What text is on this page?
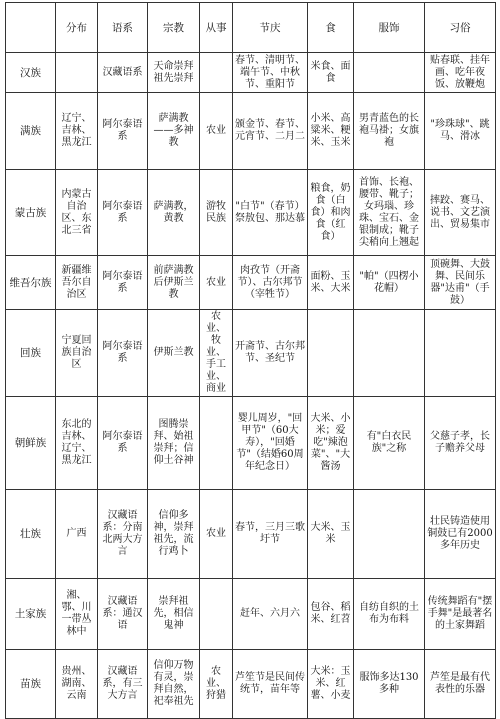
	分布	语系	宗教	从事	节庆	食	服饰	习俗
汉族		汉藏语系	天命崇拜祖先崇拜		春节、清明节、端午节、中秋节、重阳节	米食、面食		贴春联、挂年画、吃年夜饭、放鞭炮
满族	辽宁、吉林、黑龙江	阿尔泰语系	萨满教——多神教	农业	颁金节、春节、元宵节、二月二	小米、高粱米、粳米、玉米	男青蓝色的长袍马褂；女旗袍	"珍珠球"、跳马、滑冰
蒙古族	内蒙古自治区、东北三省	阿尔泰语系	萨满教，黄教	游牧民族	"白节"（春节）祭敖包、那达慕	粮食，奶食（白食）和肉食（红食）	首饰、长袍、腰带、靴子；女玛瑙、珍珠、宝石、金银制成；靴子尖稍向上翘起	摔跤、赛马、说书、文艺演出、贸易集市
维吾尔族	新疆维吾尔自治区	阿尔泰语系	前萨满教后伊斯兰教	农业	肉孜节（开斋节）、古尔邦节（宰牲节）	面粉、玉米、大米	"帕"（四楞小花帽）	顶碗舞、大鼓舞、民间乐器"达甫"（手鼓）
回族	宁夏回族自治区	阿尔泰语系	伊斯兰教	农业、牧业、手工业、商业	开斋节、古尔邦节、圣纪节			
朝鲜族	东北的吉林、辽宁、黑龙江	阿尔泰语系	图腾崇拜、始祖崇拜；信仰土谷神		婴儿周岁，"回甲节"（60大寿），"回婚节"（结婚60周年纪念日）	大米、小米；爱吃"辣泡菜"、"大酱汤	有"白衣民族"之称	父慈子孝，长子赡养父母
壮族	广西	汉藏语系：分南北两大方言	信仰多神，崇拜祖先，流行鸡卜	农业	春节，三月三歌圩节	大米、玉米		壮民铸造使用铜鼓已有2000多年历史
土家族	湘、鄂、川一带丛林中	汉藏语系：通汉语	崇拜祖先，相信鬼神		赶年、六月六	包谷、稻米、红苕	自纺自织的土布为布料	传统舞蹈有"摆手舞"是最著名的土家舞蹈
苗族	贵州、湖南、云南	汉藏语系，有三大方言	信仰万物有灵，崇拜自然，祀奉祖先	农业、狩猎	芦笙节是民间传统节，苗年等	大米：玉米、红薯、小麦	服饰多达130多种	芦笙是最有代表性的乐器
